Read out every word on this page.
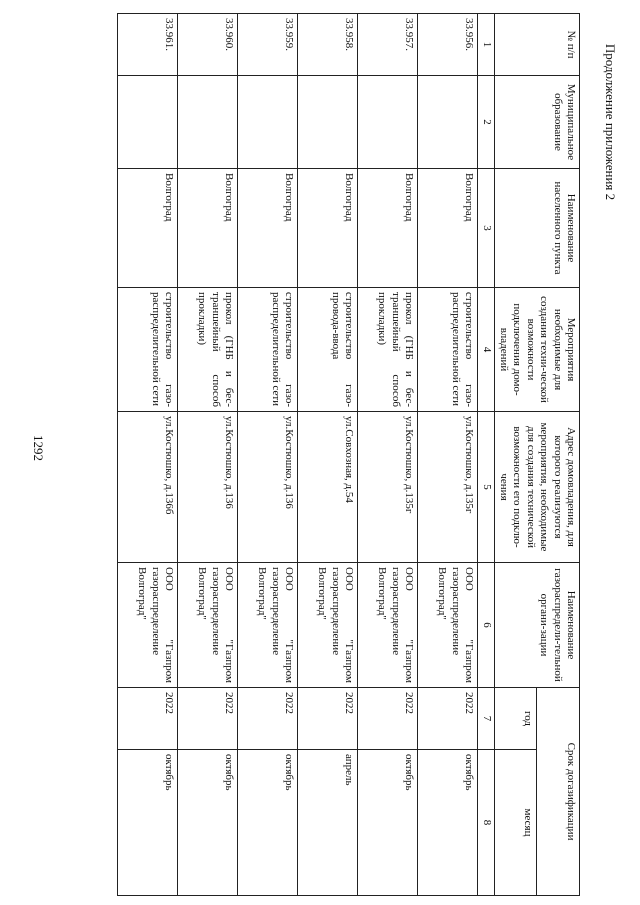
1292
Продолжение приложения 2
№ п/п	Муниципальное образование	Наименование населенного пункта	Мероприятия необходимые для создания техни-ческой возможности подключения домо-владений	Адрес домовладения, для которого реализуются мероприятия, необходимые для создания технической возможности его подклю-чения	Наименование газораспредели-тельной органи-зации	Срок догазификации	
						год	месяц
1	2	3	4	5	6	7	8
33.956.		Волгоград	строительство газо-распределительной сети	ул.Костюшко, д.135г	ООО "Газпром газораспределение Волгоград"	2022	октябрь
33.957.		Волгоград	прокол (ГНБ и бес-траншейный способ прокладки)	ул.Костюшко, д.135г	ООО "Газпром газораспределение Волгоград"	2022	октябрь
33.958.		Волгоград	строительство газо-провода-ввода	ул.Совхозная, д.54	ООО "Газпром газораспределение Волгоград"	2022	апрель
33.959.		Волгоград	строительство газо-распределительной сети	ул.Костюшко, д.136	ООО "Газпром газораспределение Волгоград"	2022	октябрь
33.960.		Волгоград	прокол (ГНБ и бес-траншейный способ прокладки)	ул.Костюшко, д.136	ООО "Газпром газораспределение Волгоград"	2022	октябрь
33.961.		Волгоград	строительство газо-распределительной сети	ул.Костюшко, д.136б	ООО "Газпром газораспределение Волгоград"	2022	октябрь
